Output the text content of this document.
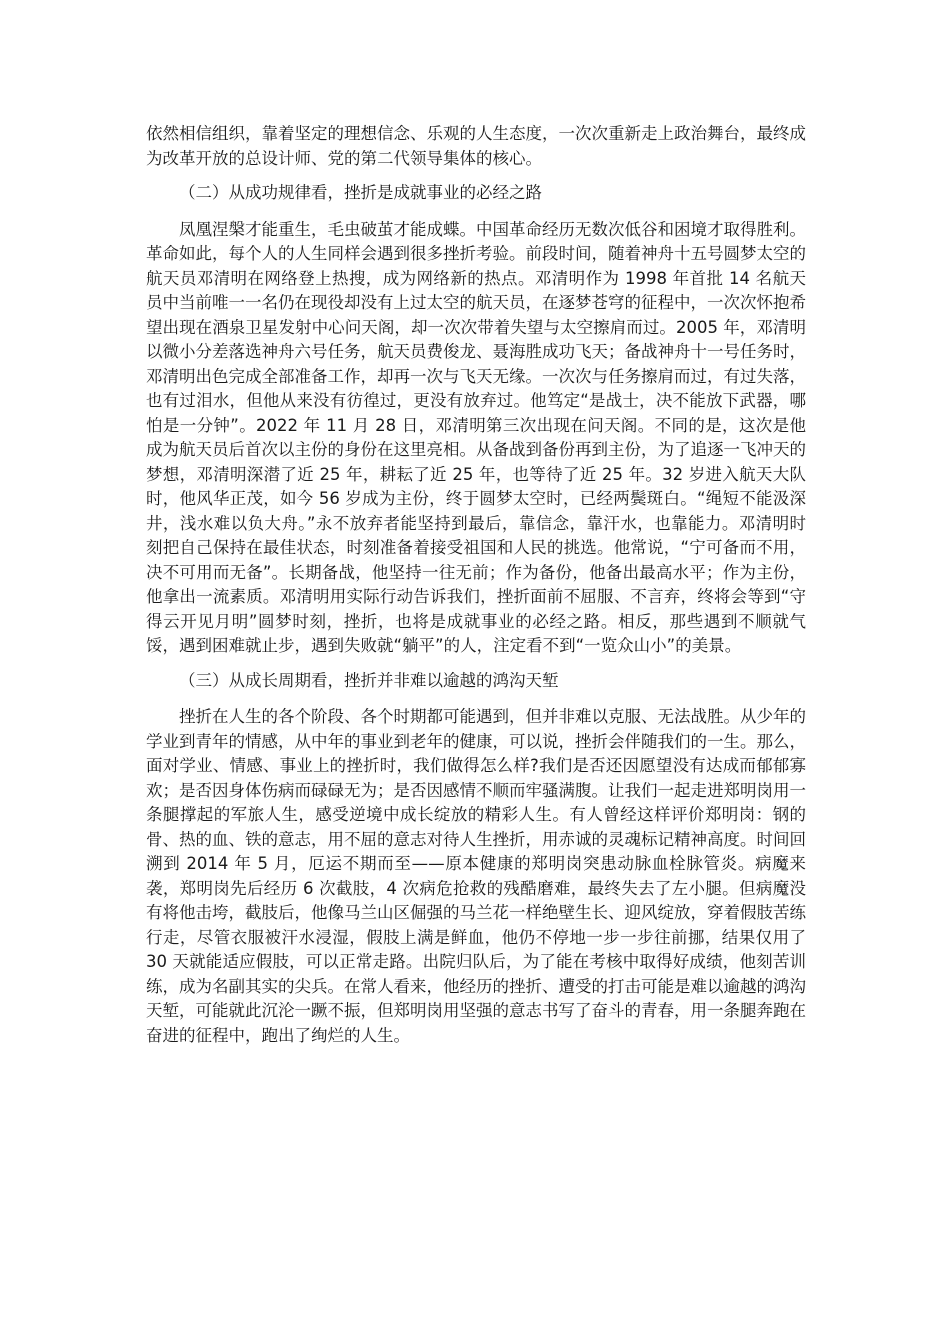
依然相信组织，靠着坚定的理想信念、乐观的人生态度，一次次重新走上政治舞台，最终成为改革开放的总设计师、党的第二代领导集体的核心。

（二）从成功规律看，挫折是成就事业的必经之路

凤凰涅槃才能重生，毛虫破茧才能成蝶。中国革命经历无数次低谷和困境才取得胜利。革命如此，每个人的人生同样会遇到很多挫折考验。前段时间，随着神舟十五号圆梦太空的航天员邓清明在网络登上热搜，成为网络新的热点。邓清明作为 1998 年首批 14 名航天员中当前唯一一名仍在现役却没有上过太空的航天员，在逐梦苍穹的征程中，一次次怀抱希望出现在酒泉卫星发射中心问天阁，却一次次带着失望与太空擦肩而过。2005 年，邓清明以微小分差落选神舟六号任务，航天员费俊龙、聂海胜成功飞天；备战神舟十一号任务时，邓清明出色完成全部准备工作，却再一次与飞天无缘。一次次与任务擦肩而过，有过失落，也有过泪水，但他从来没有彷徨过，更没有放弃过。他笃定“是战士，决不能放下武器，哪怕是一分钟”。2022 年 11 月 28 日，邓清明第三次出现在问天阁。不同的是，这次是他成为航天员后首次以主份的身份在这里亮相。从备战到备份再到主份，为了追逐一飞冲天的梦想，邓清明深潜了近 25 年，耕耘了近 25 年，也等待了近 25 年。32 岁进入航天大队时，他风华正茂，如今 56 岁成为主份，终于圆梦太空时，已经两鬓斑白。“绳短不能汲深井，浅水难以负大舟。”永不放弃者能坚持到最后，靠信念，靠汗水，也靠能力。邓清明时刻把自己保持在最佳状态，时刻准备着接受祖国和人民的挑选。他常说，“宁可备而不用，决不可用而无备”。长期备战，他坚持一往无前；作为备份，他备出最高水平；作为主份，他拿出一流素质。邓清明用实际行动告诉我们，挫折面前不屈服、不言弃，终将会等到“守得云开见月明”圆梦时刻，挫折，也将是成就事业的必经之路。相反，那些遇到不顺就气馁，遇到困难就止步，遇到失败就“躺平”的人，注定看不到“一览众山小”的美景。

（三）从成长周期看，挫折并非难以逾越的鸿沟天堑

挫折在人生的各个阶段、各个时期都可能遇到，但并非难以克服、无法战胜。从少年的学业到青年的情感，从中年的事业到老年的健康，可以说，挫折会伴随我们的一生。那么，面对学业、情感、事业上的挫折时，我们做得怎么样?我们是否还因愿望没有达成而郁郁寡欢；是否因身体伤病而碌碌无为；是否因感情不顺而牢骚满腹。让我们一起走进郑明岗用一条腿撑起的军旅人生，感受逆境中成长绽放的精彩人生。有人曾经这样评价郑明岗：钢的骨、热的血、铁的意志，用不屈的意志对待人生挫折，用赤诚的灵魂标记精神高度。时间回溯到 2014 年 5 月，厄运不期而至——原本健康的郑明岗突患动脉血栓脉管炎。病魔来袭，郑明岗先后经历 6 次截肢，4 次病危抢救的残酷磨难，最终失去了左小腿。但病魔没有将他击垮，截肢后，他像马兰山区倔强的马兰花一样绝壁生长、迎风绽放，穿着假肢苦练行走，尽管衣服被汗水浸湿，假肢上满是鲜血，他仍不停地一步一步往前挪，结果仅用了 30 天就能适应假肢，可以正常走路。出院归队后，为了能在考核中取得好成绩，他刻苦训练，成为名副其实的尖兵。在常人看来，他经历的挫折、遭受的打击可能是难以逾越的鸿沟天堑，可能就此沉沦一蹶不振，但郑明岗用坚强的意志书写了奋斗的青春，用一条腿奔跑在奋进的征程中，跑出了绚烂的人生。
